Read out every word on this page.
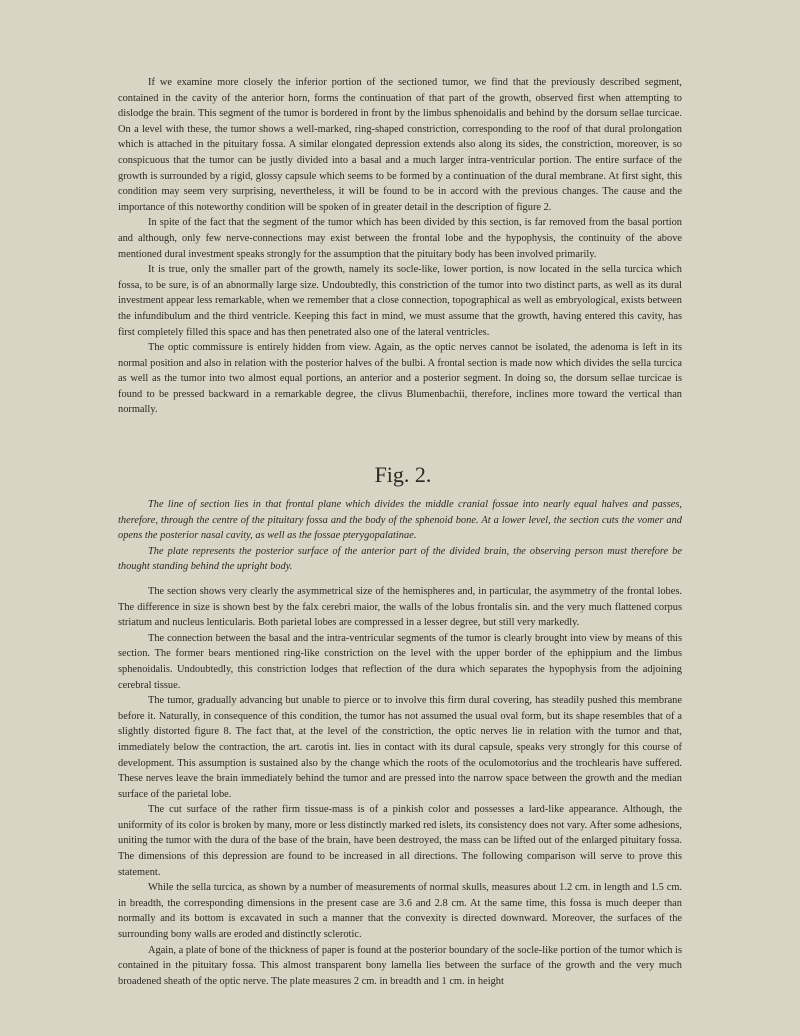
If we examine more closely the inferior portion of the sectioned tumor, we find that the previously described segment, contained in the cavity of the anterior horn, forms the continuation of that part of the growth, observed first when attempting to dislodge the brain. This segment of the tumor is bordered in front by the limbus sphenoidalis and behind by the dorsum sellae turcicae. On a level with these, the tumor shows a well-marked, ring-shaped constriction, corresponding to the roof of that dural prolongation which is attached in the pituitary fossa. A similar elongated depression extends also along its sides, the constriction, moreover, is so conspicuous that the tumor can be justly divided into a basal and a much larger intra-ventricular portion. The entire surface of the growth is surrounded by a rigid, glossy capsule which seems to be formed by a continuation of the dural membrane. At first sight, this condition may seem very surprising, nevertheless, it will be found to be in accord with the previous changes. The cause and the importance of this noteworthy condition will be spoken of in greater detail in the description of figure 2.

In spite of the fact that the segment of the tumor which has been divided by this section, is far removed from the basal portion and although, only few nerve-connections may exist between the frontal lobe and the hypophysis, the continuity of the above mentioned dural investment speaks strongly for the assumption that the pituitary body has been involved primarily.

It is true, only the smaller part of the growth, namely its socle-like, lower portion, is now located in the sella turcica which fossa, to be sure, is of an abnormally large size. Undoubtedly, this constriction of the tumor into two distinct parts, as well as its dural investment appear less remarkable, when we remember that a close connection, topographical as well as embryological, exists between the infundibulum and the third ventricle. Keeping this fact in mind, we must assume that the growth, having entered this cavity, has first completely filled this space and has then penetrated also one of the lateral ventricles.

The optic commissure is entirely hidden from view. Again, as the optic nerves cannot be isolated, the adenoma is left in its normal position and also in relation with the posterior halves of the bulbi. A frontal section is made now which divides the sella turcica as well as the tumor into two almost equal portions, an anterior and a posterior segment. In doing so, the dorsum sellae turcicae is found to be pressed backward in a remarkable degree, the clivus Blumenbachii, therefore, inclines more toward the vertical than normally.

Fig. 2.

The line of section lies in that frontal plane which divides the middle cranial fossae into nearly equal halves and passes, therefore, through the centre of the pituitary fossa and the body of the sphenoid bone. At a lower level, the section cuts the vomer and opens the posterior nasal cavity, as well as the fossae pterygopalatinae.

The plate represents the posterior surface of the anterior part of the divided brain, the observing person must therefore be thought standing behind the upright body.

The section shows very clearly the asymmetrical size of the hemispheres and, in particular, the asymmetry of the frontal lobes. The difference in size is shown best by the falx cerebri maior, the walls of the lobus frontalis sin. and the very much flattened corpus striatum and nucleus lenticularis. Both parietal lobes are compressed in a lesser degree, but still very markedly.

The connection between the basal and the intra-ventricular segments of the tumor is clearly brought into view by means of this section. The former bears mentioned ring-like constriction on the level with the upper border of the ephippium and the limbus sphenoidalis. Undoubtedly, this constriction lodges that reflection of the dura which separates the hypophysis from the adjoining cerebral tissue.

The tumor, gradually advancing but unable to pierce or to involve this firm dural covering, has steadily pushed this membrane before it. Naturally, in consequence of this condition, the tumor has not assumed the usual oval form, but its shape resembles that of a slightly distorted figure 8. The fact that, at the level of the constriction, the optic nerves lie in relation with the tumor and that, immediately below the contraction, the art. carotis int. lies in contact with its dural capsule, speaks very strongly for this course of development. This assumption is sustained also by the change which the roots of the oculomotorius and the trochlearis have suffered. These nerves leave the brain immediately behind the tumor and are pressed into the narrow space between the growth and the median surface of the parietal lobe.

The cut surface of the rather firm tissue-mass is of a pinkish color and possesses a lard-like appearance. Although, the uniformity of its color is broken by many, more or less distinctly marked red islets, its consistency does not vary. After some adhesions, uniting the tumor with the dura of the base of the brain, have been destroyed, the mass can be lifted out of the enlarged pituitary fossa. The dimensions of this depression are found to be increased in all directions. The following comparison will serve to prove this statement.

While the sella turcica, as shown by a number of measurements of normal skulls, measures about 1.2 cm. in length and 1.5 cm. in breadth, the corresponding dimensions in the present case are 3.6 and 2.8 cm. At the same time, this fossa is much deeper than normally and its bottom is excavated in such a manner that the convexity is directed downward. Moreover, the surfaces of the surrounding bony walls are eroded and distinctly sclerotic.

Again, a plate of bone of the thickness of paper is found at the posterior boundary of the socle-like portion of the tumor which is contained in the pituitary fossa. This almost transparent bony lamella lies between the surface of the growth and the very much broadened sheath of the optic nerve. The plate measures 2 cm. in breadth and 1 cm. in height
